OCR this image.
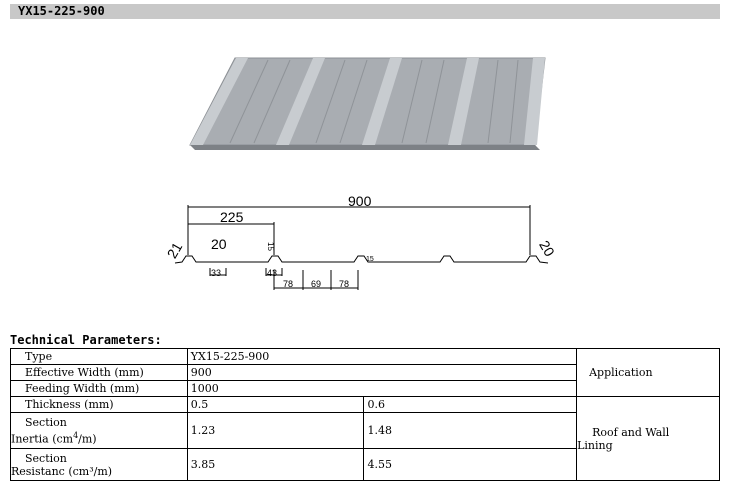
YX15-225-900
900
225
20
21	20
15
33	43
78 69 78
15
Technical Parameters:
Type	YX15-225-900		Application
Effective Width (mm)	900		
Feeding Width (mm)	1000		
Thickness (mm)	0.5	0.6	Roof and Wall
Lining

Section
Inertia $(cm^4/m)$	1.23	1.48	

Section
Resistanc (cm³/m)	3.85	4.55	
